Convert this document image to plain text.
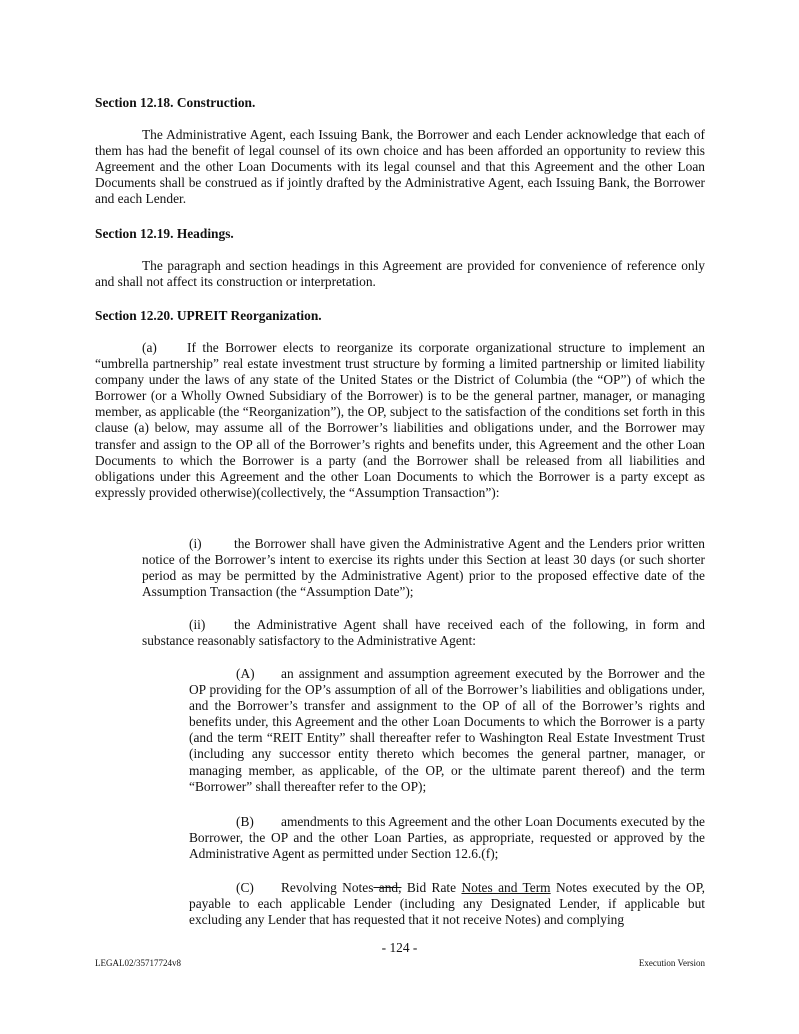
Section 12.18. Construction.
The Administrative Agent, each Issuing Bank, the Borrower and each Lender acknowledge that each of them has had the benefit of legal counsel of its own choice and has been afforded an opportunity to review this Agreement and the other Loan Documents with its legal counsel and that this Agreement and the other Loan Documents shall be construed as if jointly drafted by the Administrative Agent, each Issuing Bank, the Borrower and each Lender.
Section 12.19. Headings.
The paragraph and section headings in this Agreement are provided for convenience of reference only and shall not affect its construction or interpretation.
Section 12.20. UPREIT Reorganization.
(a) If the Borrower elects to reorganize its corporate organizational structure to implement an “umbrella partnership” real estate investment trust structure by forming a limited partnership or limited liability company under the laws of any state of the United States or the District of Columbia (the “OP”) of which the Borrower (or a Wholly Owned Subsidiary of the Borrower) is to be the general partner, manager, or managing member, as applicable (the “Reorganization”), the OP, subject to the satisfaction of the conditions set forth in this clause (a) below, may assume all of the Borrower’s liabilities and obligations under, and the Borrower may transfer and assign to the OP all of the Borrower’s rights and benefits under, this Agreement and the other Loan Documents to which the Borrower is a party (and the Borrower shall be released from all liabilities and obligations under this Agreement and the other Loan Documents to which the Borrower is a party except as expressly provided otherwise)(collectively, the “Assumption Transaction”):
(i) the Borrower shall have given the Administrative Agent and the Lenders prior written notice of the Borrower’s intent to exercise its rights under this Section at least 30 days (or such shorter period as may be permitted by the Administrative Agent) prior to the proposed effective date of the Assumption Transaction (the “Assumption Date”);
(ii) the Administrative Agent shall have received each of the following, in form and substance reasonably satisfactory to the Administrative Agent:
(A) an assignment and assumption agreement executed by the Borrower and the OP providing for the OP’s assumption of all of the Borrower’s liabilities and obligations under, and the Borrower’s transfer and assignment to the OP of all of the Borrower’s rights and benefits under, this Agreement and the other Loan Documents to which the Borrower is a party (and the term “REIT Entity” shall thereafter refer to Washington Real Estate Investment Trust (including any successor entity thereto which becomes the general partner, manager, or managing member, as applicable, of the OP, or the ultimate parent thereof) and the term “Borrower” shall thereafter refer to the OP);
(B) amendments to this Agreement and the other Loan Documents executed by the Borrower, the OP and the other Loan Parties, as appropriate, requested or approved by the Administrative Agent as permitted under Section 12.6.(f);
(C) Revolving Notes and, Bid Rate Notes and Term Notes executed by the OP, payable to each applicable Lender (including any Designated Lender, if applicable but excluding any Lender that has requested that it not receive Notes) and complying
- 124 -
LEGAL02/35717724v8	Execution Version
